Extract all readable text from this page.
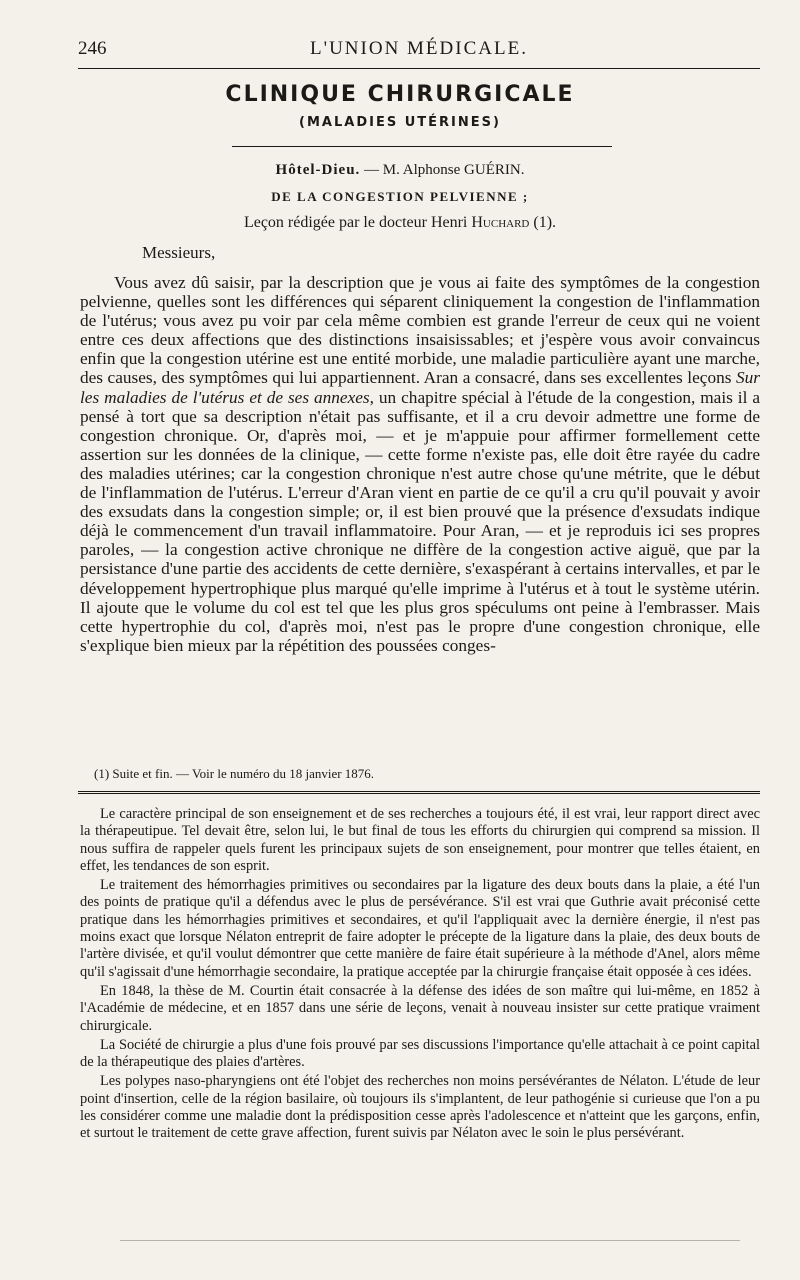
246	L'UNION MÉDICALE.
CLINIQUE CHIRURGICALE
(MALADIES UTÉRINES)
Hôtel-Dieu. — M. Alphonse GUÉRIN.
DE LA CONGESTION PELVIENNE ;
Leçon rédigée par le docteur Henri Huchard (1).
Messieurs,

Vous avez dû saisir, par la description que je vous ai faite des symptômes de la congestion pelvienne, quelles sont les différences qui séparent cliniquement la congestion de l'inflammation de l'utérus; vous avez pu voir par cela même combien est grande l'erreur de ceux qui ne voient entre ces deux affections que des distinctions insaisissables; et j'espère vous avoir convaincus enfin que la congestion utérine est une entité morbide, une maladie particulière ayant une marche, des causes, des symptômes qui lui appartiennent. Aran a consacré, dans ses excellentes leçons Sur les maladies de l'utérus et de ses annexes, un chapitre spécial à l'étude de la congestion, mais il a pensé à tort que sa description n'était pas suffisante, et il a cru devoir admettre une forme de congestion chronique. Or, d'après moi, — et je m'appuie pour affirmer formellement cette assertion sur les données de la clinique, — cette forme n'existe pas, elle doit être rayée du cadre des maladies utérines; car la congestion chronique n'est autre chose qu'une métrite, que le début de l'inflammation de l'utérus. L'erreur d'Aran vient en partie de ce qu'il a cru qu'il pouvait y avoir des exsudats dans la congestion simple; or, il est bien prouvé que la présence d'exsudats indique déjà le commencement d'un travail inflammatoire. Pour Aran, — et je reproduis ici ses propres paroles, — la congestion active chronique ne diffère de la congestion active aiguë, que par la persistance d'une partie des accidents de cette dernière, s'exaspérant à certains intervalles, et par le développement hypertrophique plus marqué qu'elle imprime à l'utérus et à tout le système utérin. Il ajoute que le volume du col est tel que les plus gros spéculums ont peine à l'embrasser. Mais cette hypertrophie du col, d'après moi, n'est pas le propre d'une congestion chronique, elle s'explique bien mieux par la répétition des poussées conges-

(1) Suite et fin. — Voir le numéro du 18 janvier 1876.

Le caractère principal de son enseignement et de ses recherches a toujours été, il est vrai, leur rapport direct avec la thérapeutipue. Tel devait être, selon lui, le but final de tous les efforts du chirurgien qui comprend sa mission. Il nous suffira de rappeler quels furent les principaux sujets de son enseignement, pour montrer que telles étaient, en effet, les tendances de son esprit.

Le traitement des hémorrhagies primitives ou secondaires par la ligature des deux bouts dans la plaie, a été l'un des points de pratique qu'il a défendus avec le plus de persévérance. S'il est vrai que Guthrie avait préconisé cette pratique dans les hémorrhagies primitives et secondaires, et qu'il l'appliquait avec la dernière énergie, il n'est pas moins exact que lorsque Nélaton entreprit de faire adopter le précepte de la ligature dans la plaie, des deux bouts de l'artère divisée, et qu'il voulut démontrer que cette manière de faire était supérieure à la méthode d'Anel, alors même qu'il s'agissait d'une hémorrhagie secondaire, la pratique acceptée par la chirurgie française était opposée à ces idées.

En 1848, la thèse de M. Courtin était consacrée à la défense des idées de son maître qui lui-même, en 1852 à l'Académie de médecine, et en 1857 dans une série de leçons, venait à nouveau insister sur cette pratique vraiment chirurgicale.

La Société de chirurgie a plus d'une fois prouvé par ses discussions l'importance qu'elle attachait à ce point capital de la thérapeutique des plaies d'artères.

Les polypes naso-pharyngiens ont été l'objet des recherches non moins persévérantes de Nélaton. L'étude de leur point d'insertion, celle de la région basilaire, où toujours ils s'implantent, de leur pathogénie si curieuse que l'on a pu les considérer comme une maladie dont la prédisposition cesse après l'adolescence et n'atteint que les garçons, enfin, et surtout le traitement de cette grave affection, furent suivis par Nélaton avec le soin le plus persévérant.
